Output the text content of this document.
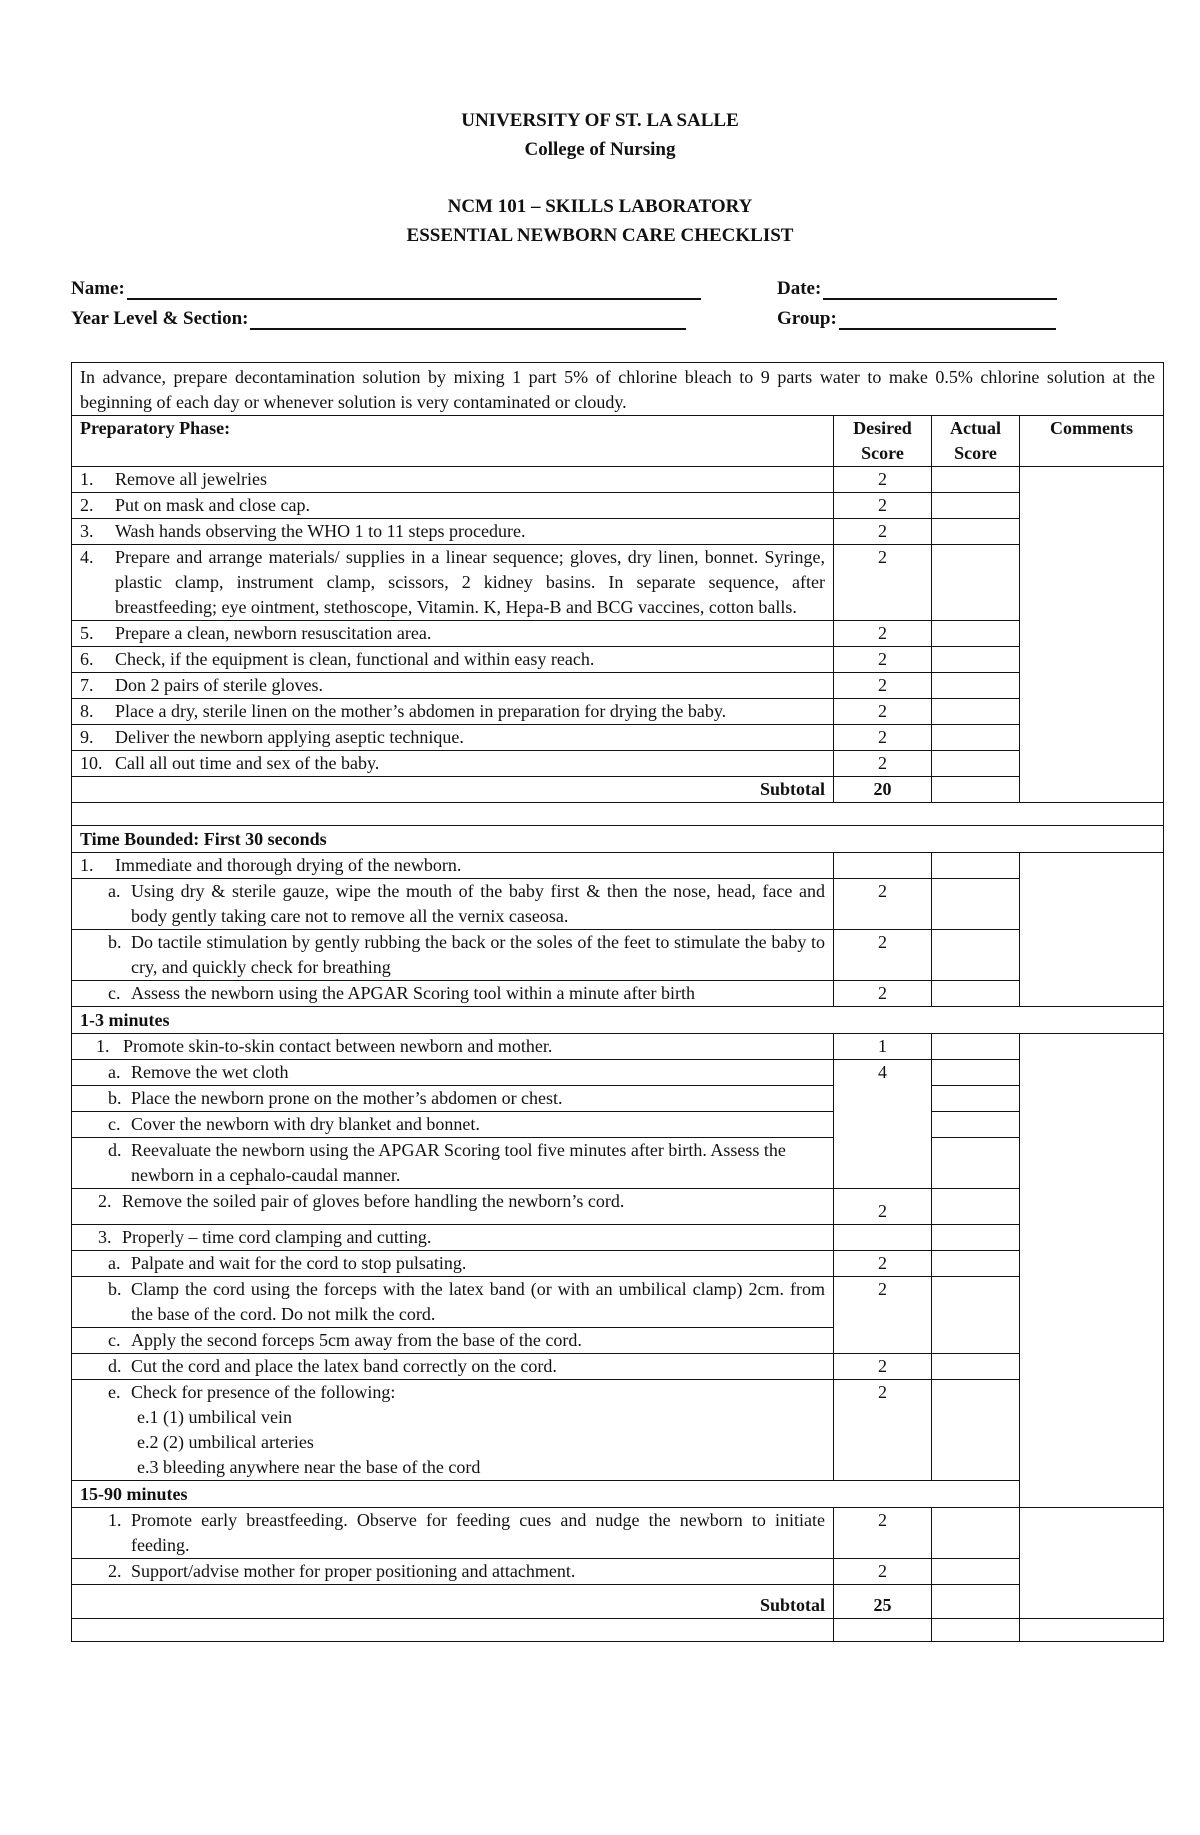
UNIVERSITY OF ST. LA SALLE
College of Nursing
NCM 101 – SKILLS LABORATORY
ESSENTIAL NEWBORN CARE CHECKLIST
Name:	Date:
Year Level & Section:	Group:
In advance, prepare decontamination solution by mixing 1 part 5% of chlorine bleach to 9 parts water to make 0.5% chlorine solution at the beginning of each day or whenever solution is very contaminated or cloudy.			
Preparatory Phase:	Desired Score	Actual Score	Comments

1. Remove all jewelries	2		

2. Put on mask and close cap.	2		

3. Wash hands observing the WHO 1 to 11 steps procedure.	2		

4. Prepare and arrange materials/ supplies in a linear sequence; gloves, dry linen, bonnet. Syringe, plastic clamp, instrument clamp, scissors, 2 kidney basins. In separate sequence, after breastfeeding; eye ointment, stethoscope, Vitamin. K, Hepa-B and BCG vaccines, cotton balls.	2		

5. Prepare a clean, newborn resuscitation area.	2		

6. Check, if the equipment is clean, functional and within easy reach.	2		

7. Don 2 pairs of sterile gloves.	2		

8. Place a dry, sterile linen on the mother’s abdomen in preparation for drying the baby.	2		

9. Deliver the newborn applying aseptic technique.	2		

10. Call all out time and sex of the baby.	2		
Subtotal	20		

Time Bounded: First 30 seconds			

1. Immediate and thorough drying of the newborn.			

a. Using dry & sterile gauze, wipe the mouth of the baby first & then the nose, head, face and body gently taking care not to remove all the vernix caseosa.	2		

b. Do tactile stimulation by gently rubbing the back or the soles of the feet to stimulate the baby to cry, and quickly check for breathing	2		

c. Assess the newborn using the APGAR Scoring tool within a minute after birth	2		
1-3 minutes			

1. Promote skin-to-skin contact between newborn and mother.	1		

a. Remove the wet cloth	4		

b. Place the newborn prone on the mother’s abdomen or chest.			

c. Cover the newborn with dry blanket and bonnet.			

d. Reevaluate the newborn using the APGAR Scoring tool five minutes after birth. Assess the newborn in a cephalo-caudal manner.			

2. Remove the soiled pair of gloves before handling the newborn’s cord.	2		

3. Properly – time cord clamping and cutting.			

a. Palpate and wait for the cord to stop pulsating.	2		

b. Clamp the cord using the forceps with the latex band (or with an umbilical clamp) 2cm. from the base of the cord. Do not milk the cord.	2		

c. Apply the second forceps 5cm away from the base of the cord.			

d. Cut the cord and place the latex band correctly on the cord.	2		

e. Check for presence of the following:
e.1 (1) umbilical vein
e.2 (2) umbilical arteries
e.3 bleeding anywhere near the base of the cord	2		
15-90 minutes			

1. Promote early breastfeeding. Observe for feeding cues and nudge the newborn to initiate feeding.	2		

2. Support/advise mother for proper positioning and attachment.	2		
Subtotal	25		
